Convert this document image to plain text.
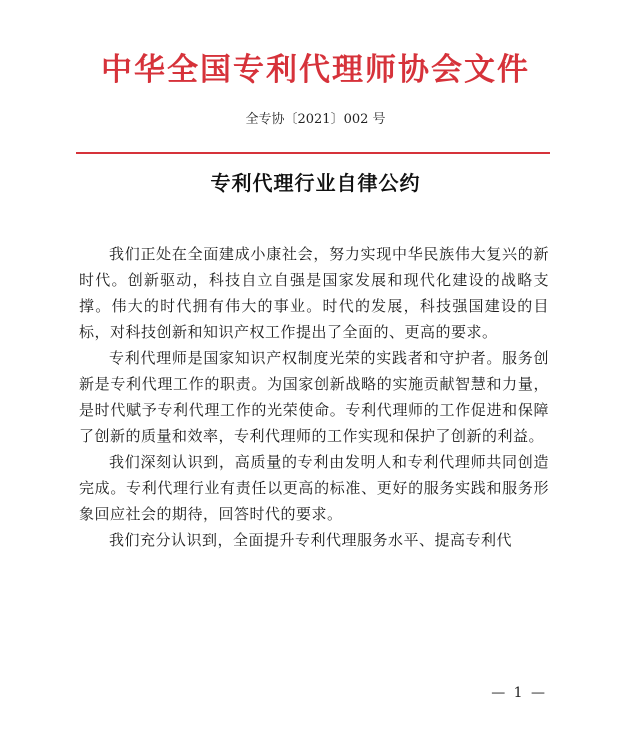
中华全国专利代理师协会文件
全专协〔2021〕002 号
专利代理行业自律公约

我们正处在全面建成小康社会，努力实现中华民族伟大复兴的新时代。创新驱动，科技自立自强是国家发展和现代化建设的战略支撑。伟大的时代拥有伟大的事业。时代的发展，科技强国建设的目标，对科技创新和知识产权工作提出了全面的、更高的要求。

专利代理师是国家知识产权制度光荣的实践者和守护者。服务创新是专利代理工作的职责。为国家创新战略的实施贡献智慧和力量，是时代赋予专利代理工作的光荣使命。专利代理师的工作促进和保障了创新的质量和效率，专利代理师的工作实现和保护了创新的利益。

我们深刻认识到，高质量的专利由发明人和专利代理师共同创造完成。专利代理行业有责任以更高的标准、更好的服务实践和服务形象回应社会的期待，回答时代的要求。

我们充分认识到，全面提升专利代理服务水平、提高专利代

— 1 —
